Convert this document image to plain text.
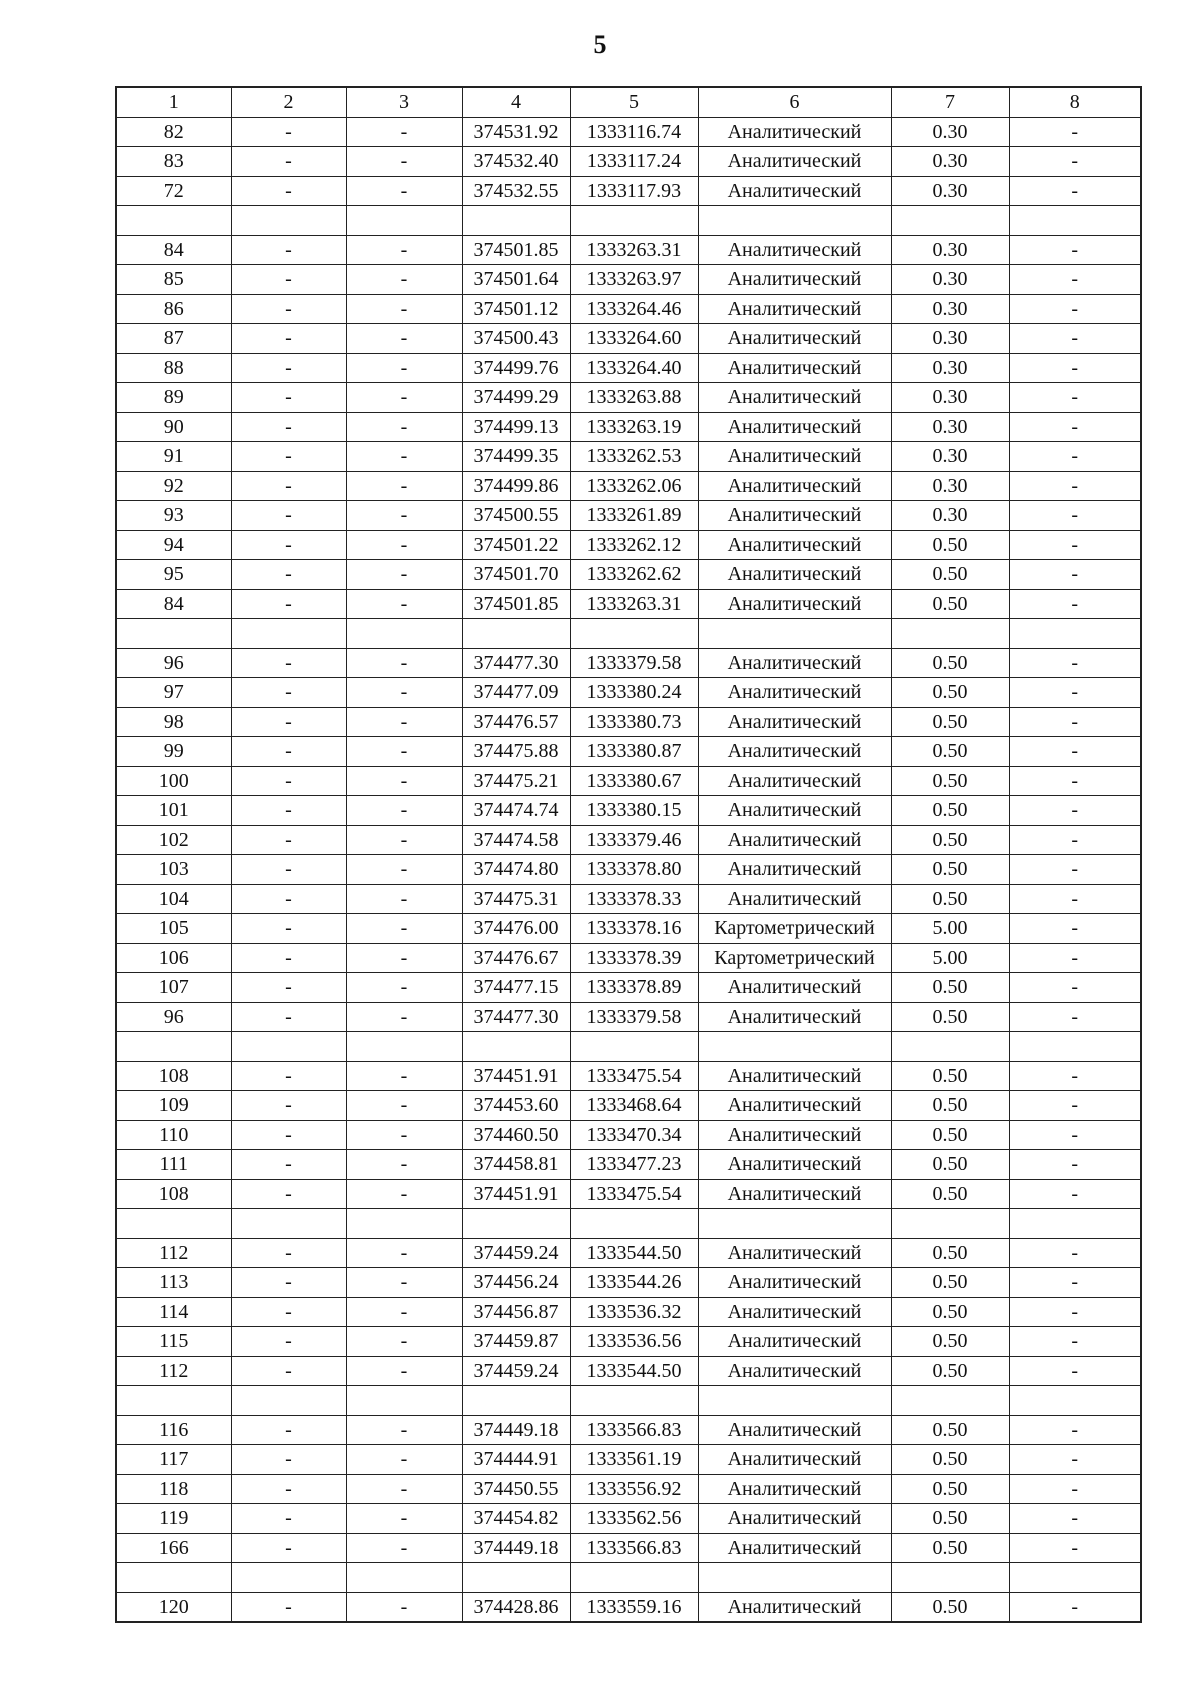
5
1	2	3	4	5	6	7	8
82	-	-	374531.92	1333116.74	Аналитический	0.30	-
83	-	-	374532.40	1333117.24	Аналитический	0.30	-
72	-	-	374532.55	1333117.93	Аналитический	0.30	-

84	-	-	374501.85	1333263.31	Аналитический	0.30	-
85	-	-	374501.64	1333263.97	Аналитический	0.30	-
86	-	-	374501.12	1333264.46	Аналитический	0.30	-
87	-	-	374500.43	1333264.60	Аналитический	0.30	-
88	-	-	374499.76	1333264.40	Аналитический	0.30	-
89	-	-	374499.29	1333263.88	Аналитический	0.30	-
90	-	-	374499.13	1333263.19	Аналитический	0.30	-
91	-	-	374499.35	1333262.53	Аналитический	0.30	-
92	-	-	374499.86	1333262.06	Аналитический	0.30	-
93	-	-	374500.55	1333261.89	Аналитический	0.30	-
94	-	-	374501.22	1333262.12	Аналитический	0.50	-
95	-	-	374501.70	1333262.62	Аналитический	0.50	-
84	-	-	374501.85	1333263.31	Аналитический	0.50	-

96	-	-	374477.30	1333379.58	Аналитический	0.50	-
97	-	-	374477.09	1333380.24	Аналитический	0.50	-
98	-	-	374476.57	1333380.73	Аналитический	0.50	-
99	-	-	374475.88	1333380.87	Аналитический	0.50	-
100	-	-	374475.21	1333380.67	Аналитический	0.50	-
101	-	-	374474.74	1333380.15	Аналитический	0.50	-
102	-	-	374474.58	1333379.46	Аналитический	0.50	-
103	-	-	374474.80	1333378.80	Аналитический	0.50	-
104	-	-	374475.31	1333378.33	Аналитический	0.50	-
105	-	-	374476.00	1333378.16	Картометрический	5.00	-
106	-	-	374476.67	1333378.39	Картометрический	5.00	-
107	-	-	374477.15	1333378.89	Аналитический	0.50	-
96	-	-	374477.30	1333379.58	Аналитический	0.50	-

108	-	-	374451.91	1333475.54	Аналитический	0.50	-
109	-	-	374453.60	1333468.64	Аналитический	0.50	-
110	-	-	374460.50	1333470.34	Аналитический	0.50	-
111	-	-	374458.81	1333477.23	Аналитический	0.50	-
108	-	-	374451.91	1333475.54	Аналитический	0.50	-

112	-	-	374459.24	1333544.50	Аналитический	0.50	-
113	-	-	374456.24	1333544.26	Аналитический	0.50	-
114	-	-	374456.87	1333536.32	Аналитический	0.50	-
115	-	-	374459.87	1333536.56	Аналитический	0.50	-
112	-	-	374459.24	1333544.50	Аналитический	0.50	-

116	-	-	374449.18	1333566.83	Аналитический	0.50	-
117	-	-	374444.91	1333561.19	Аналитический	0.50	-
118	-	-	374450.55	1333556.92	Аналитический	0.50	-
119	-	-	374454.82	1333562.56	Аналитический	0.50	-
166	-	-	374449.18	1333566.83	Аналитический	0.50	-

120	-	-	374428.86	1333559.16	Аналитический	0.50	-
